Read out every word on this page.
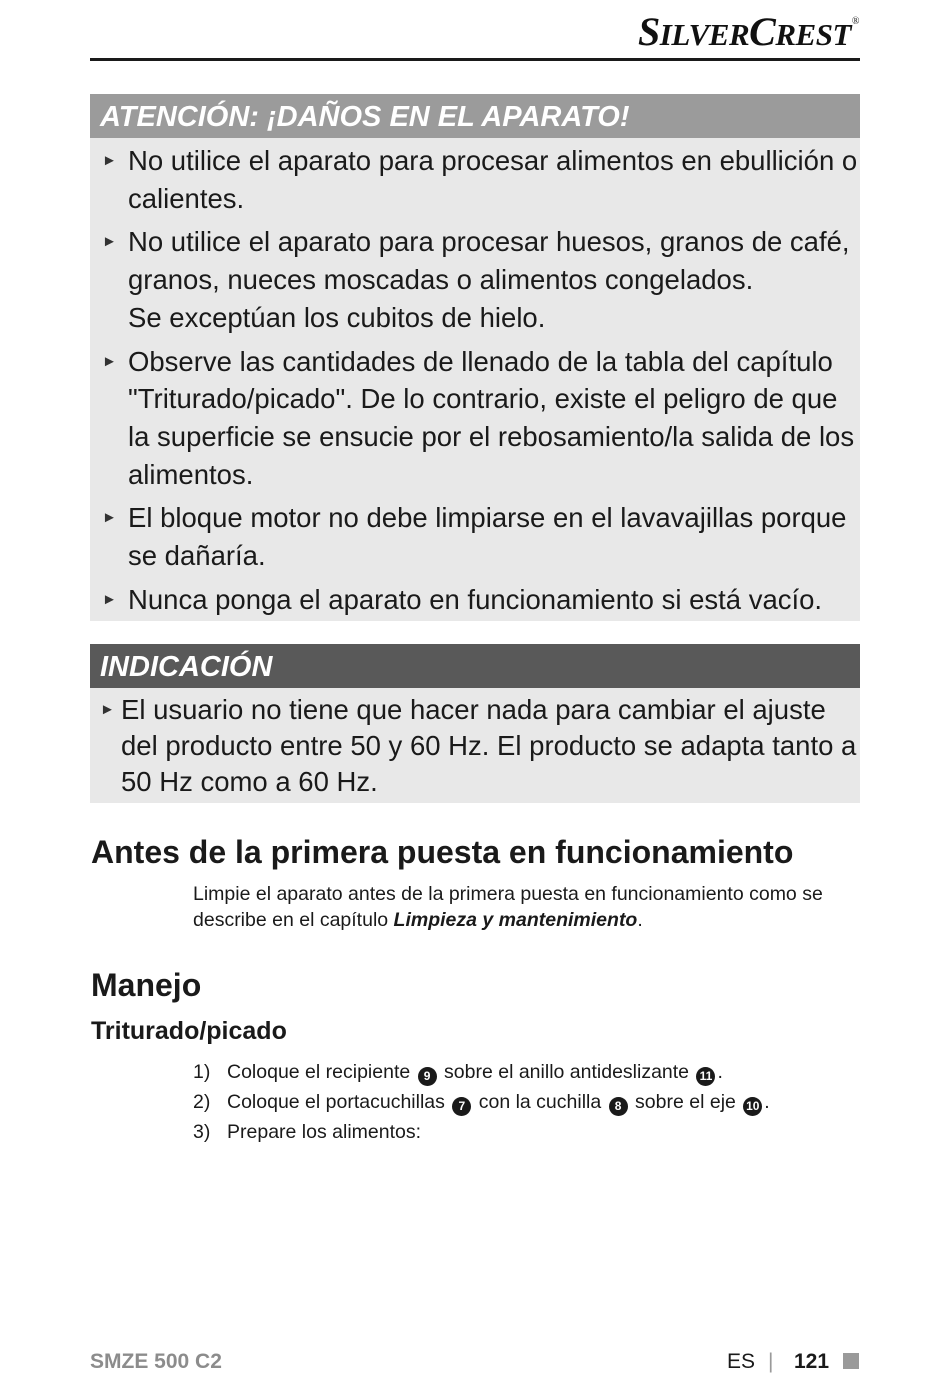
SILVERCREST®
ATENCIÓN: ¡DAÑOS EN EL APARATO!
► No utilice el aparato para procesar alimentos en ebullición o calientes.
► No utilice el aparato para procesar huesos, granos de café, granos, nueces moscadas o alimentos congelados.
Se exceptúan los cubitos de hielo.
► Observe las cantidades de llenado de la tabla del capítulo "Triturado/picado". De lo contrario, existe el peligro de que la superficie se ensucie por el rebosamiento/la salida de los alimentos.
► El bloque motor no debe limpiarse en el lavavajillas porque se dañaría.
► Nunca ponga el aparato en funcionamiento si está vacío.
INDICACIÓN
► El usuario no tiene que hacer nada para cambiar el ajuste del producto entre 50 y 60 Hz. El producto se adapta tanto a 50 Hz como a 60 Hz.
Antes de la primera puesta en funcionamiento
Limpie el aparato antes de la primera puesta en funcionamiento como se describe en el capítulo Limpieza y mantenimiento.
Manejo
Triturado/picado
1) Coloque el recipiente 9 sobre el anillo antideslizante 11 .
2) Coloque el portacuchillas 7 con la cuchilla 8 sobre el eje 10 .
3) Prepare los alimentos:
SMZE 500 C2	ES | 121
